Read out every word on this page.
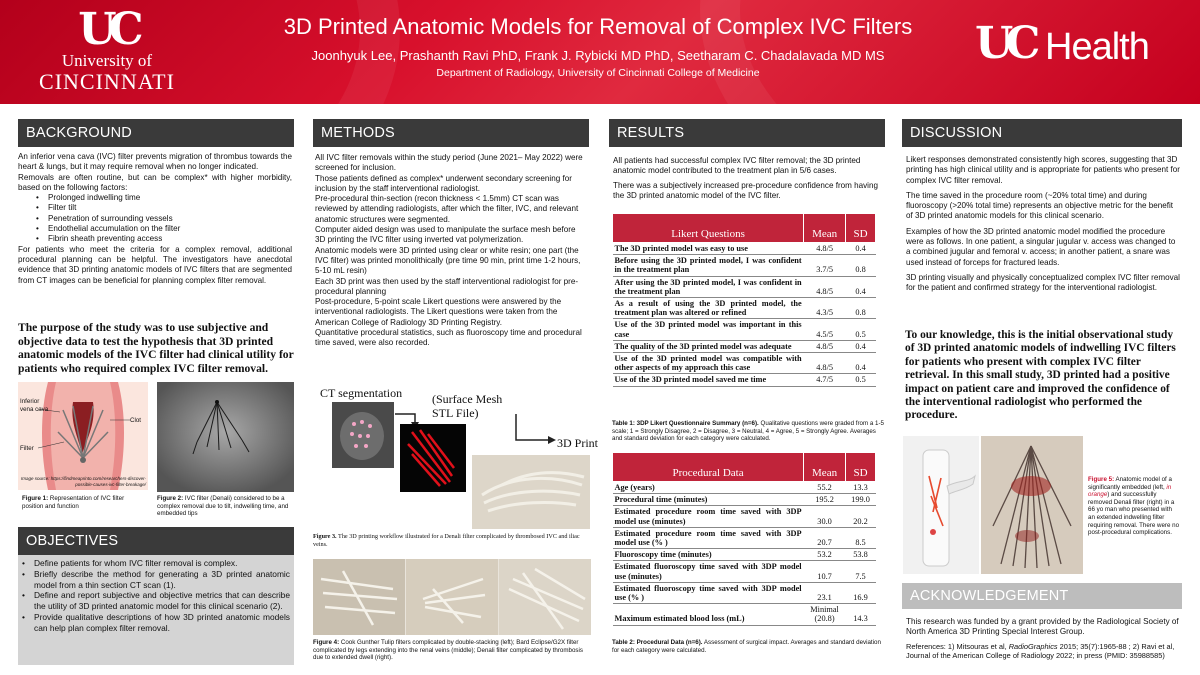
UC
University of
CINCINNATI
3D Printed Anatomic Models for Removal of Complex IVC Filters
Joonhyuk Lee, Prashanth Ravi PhD, Frank J. Rybicki MD PhD, Seetharam C. Chadalavada MD MS
Department of Radiology, University of Cincinnati College of Medicine
UC Health
BACKGROUND

An inferior vena cava (IVC) filter prevents migration of thrombus towards the heart & lungs, but it may require removal when no longer indicated.

Removals are often routine, but can be complex* with higher morbidity, based on the following factors:

• Prolonged indwelling time
• Filter tilt
• Penetration of surrounding vessels
• Endothelial accumulation on the filter
• Fibrin sheath preventing access

For patients who meet the criteria for a complex removal, additional procedural planning can be helpful. The investigators have anecdotal evidence that 3D printing anatomic models of IVC filters that are segmented from CT images can be beneficial for planning complex filter removal.

The purpose of the study was to use subjective and objective data to test the hypothesis that 3D printed anatomic models of the IVC filter had clinical utility for patients who required complex IVC filter removal.
Inferior vena cava
Clot
Filter
Image source: https://findmeaprinto.com/researchers-discover-possible-causes-ivc-filter-breakage/
Figure 1: Representation of IVC filter position and function
Figure 2: IVC filter (Denali) considered to be a complex removal due to tilt, indwelling time, and embedded tips
OBJECTIVES
• Define patients for whom IVC filter removal is complex.
• Briefly describe the method for generating a 3D printed anatomic model from a thin section CT scan (1).
• Define and report subjective and objective metrics that can describe the utility of 3D printed anatomic model for this clinical scenario (2).
• Provide qualitative descriptions of how 3D printed anatomic models can help plan complex filter removal.
METHODS

All IVC filter removals within the study period (June 2021– May 2022) were screened for inclusion.

Those patients defined as complex* underwent secondary screening for inclusion by the staff interventional radiologist.

Pre-procedural thin-section (recon thickness < 1.5mm) CT scan was reviewed by attending radiologists, after which the filter, IVC, and relevant anatomic structures were segmented.

Computer aided design was used to manipulate the surface mesh before 3D printing the IVC filter using inverted vat polymerization.

Anatomic models were 3D printed using clear or white resin; one part (the IVC filter) was printed monolithically (pre time 90 min, print time 1-2 hours, 5-10 mL resin)

Each 3D print was then used by the staff interventional radiologist for pre-procedural planning

Post-procedure, 5-point scale Likert questions were answered by the interventional radiologists. The Likert questions were taken from the American College of Radiology 3D Printing Registry.

Quantitative procedural statistics, such as fluoroscopy time and procedural time saved, were also recorded.

CT segmentation (Surface Mesh STL File)
3D Print
Figure 3. The 3D printing workflow illustrated for a Denali filter complicated by thrombosed IVC and iliac veins.
Figure 4: Cook Gunther Tulip filters complicated by double-stacking (left); Bard Eclipse/G2X filter complicated by legs extending into the renal veins (middle); Denali filter complicated by thrombosis due to extended dwell (right).
RESULTS

All patients had successful complex IVC filter removal; the 3D printed anatomic model contributed to the treatment plan in 5/6 cases.

There was a subjectively increased pre-procedure confidence from having the 3D printed anatomic model of the IVC filter.

Likert Questions	Mean	SD
The 3D printed model was easy to use	4.8/5	0.4
Before using the 3D printed model, I was confident in the treatment plan	3.7/5	0.8
After using the 3D printed model, I was confident in the treatment plan	4.8/5	0.4
As a result of using the 3D printed model, the treatment plan was altered or refined	4.3/5	0.8
Use of the 3D printed model was important in this case	4.5/5	0.5
The quality of the 3D printed model was adequate	4.8/5	0.4
Use of the 3D printed model was compatible with other aspects of my approach this case	4.8/5	0.4
Use of the 3D printed model saved me time	4.7/5	0.5
Table 1: 3DP Likert Questionnaire Summary (n=6). Qualitative questions were graded from a 1-5 scale; 1 = Strongly Disagree, 2 = Disagree, 3 = Neutral, 4 = Agree, 5 = Strongly Agree. Averages and standard deviation for each category were calculated.
Procedural Data	Mean	SD
Age (years)	55.2	13.3
Procedural time (minutes)	195.2	199.0
Estimated procedure room time saved with 3DP model use (minutes)	30.0	20.2
Estimated procedure room time saved with 3DP model use (% )	20.7	8.5
Fluoroscopy time (minutes)	53.2	53.8
Estimated fluoroscopy time saved with 3DP model use (minutes)	10.7	7.5
Estimated fluoroscopy time saved with 3DP model use (% )	23.1	16.9
Maximum estimated blood loss (mL)	Minimal (20.8)	14.3
Table 2: Procedural Data (n=6). Assessment of surgical impact. Averages and standard deviation for each category were calculated.
DISCUSSION

Likert responses demonstrated consistently high scores, suggesting that 3D printing has high clinical utility and is appropriate for patients who present for complex IVC filter removal.

The time saved in the procedure room (~20% total time) and during fluoroscopy (>20% total time) represents an objective metric for the benefit of 3D printed anatomic models for this clinical scenario.

Examples of how the 3D printed anatomic model modified the procedure were as follows. In one patient, a singular jugular v. access was changed to a combined jugular and femoral v. access; in another patient, a snare was used instead of forceps for fractured leads.

3D printing visually and physically conceptualized complex IVC filter removal for the patient and confirmed strategy for the interventional radiologist.

To our knowledge, this is the initial observational study of 3D printed anatomic models of indwelling IVC filters for patients who present with complex IVC filter retrieval. In this small study, 3D printed had a positive impact on patient care and improved the confidence of the interventional radiologist who performed the procedure.
Figure 5: Anatomic model of a significantly embedded (left, in orange) and successfully removed Denali filter (right) in a 66 yo man who presented with an extended indwelling filter requiring removal. There were no post-procedural complications.
ACKNOWLEDGEMENT
This research was funded by a grant provided by the Radiological Society of North America 3D Printing Special Interest Group.
References: 1) Mitsouras et al, RadioGraphics 2015; 35(7):1965-88 ; 2) Ravi et al, Journal of the American College of Radiology 2022; in press (PMID: 35988585)
